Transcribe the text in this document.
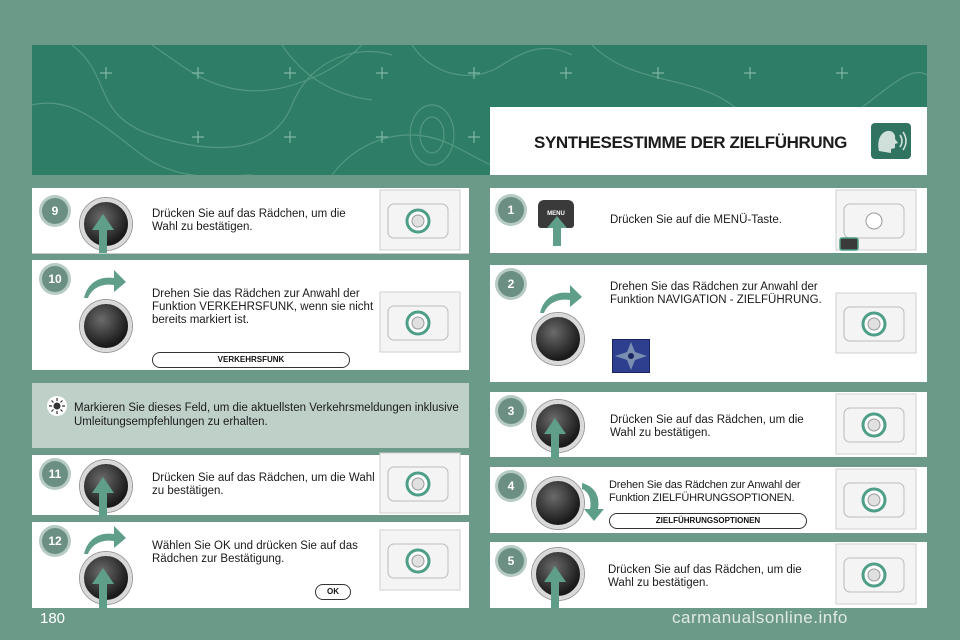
SYNTHESESTIMME DER ZIELFÜHRUNG
9	Drücken Sie auf das Rädchen, um die Wahl zu bestätigen.
10
Drehen Sie das Rädchen zur Anwahl der Funktion VERKEHRSFUNK, wenn sie nicht bereits markiert ist.
VERKEHRSFUNK
Markieren Sie dieses Feld, um die aktuellsten Verkehrsmeldungen inklusive Umleitungsempfehlungen zu erhalten.
11	Drücken Sie auf das Rädchen, um die Wahl zu bestätigen.
12	Wählen Sie OK und drücken Sie auf das Rädchen zur Bestätigung.
OK
1	MENU	Drücken Sie auf die MENÜ-Taste.
2	Drehen Sie das Rädchen zur Anwahl der Funktion NAVIGATION - ZIELFÜHRUNG.
3
Drücken Sie auf das Rädchen, um die Wahl zu bestätigen.
4	Drehen Sie das Rädchen zur Anwahl der Funktion ZIELFÜHRUNGSOPTIONEN.
ZIELFÜHRUNGSOPTIONEN
5
Drücken Sie auf das Rädchen, um die Wahl zu bestätigen.
180	carmanualsonline.info
